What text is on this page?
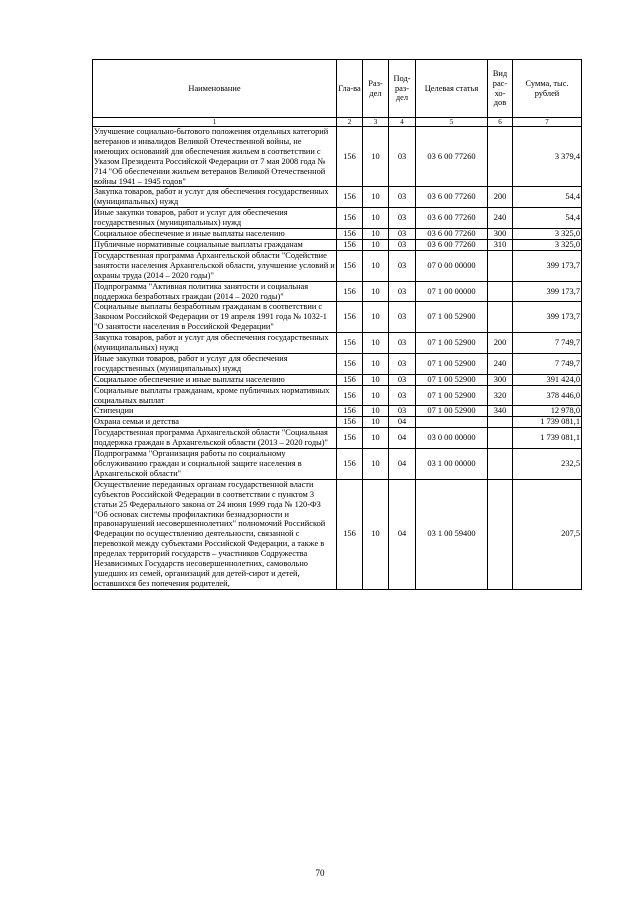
Наименование	Гла-ва	Раз-дел	Под-раз-дел	Целевая статья	Вид рас-хо-дов	Сумма, тыс. рублей
1	2	3	4	5	6	7
Улучшение социально-бытового положения отдельных категорий ветеранов и инвалидов Великой Отечественной войны, не имеющих оснований для обеспечения жильем в соответствии с Указом Президента Российской Федерации от 7 мая 2008 года № 714 "Об обеспечении жильем ветеранов Великой Отечественной войны 1941 – 1945 годов"	156	10	03	03 6 00 77260		3 379,4
Закупка товаров, работ и услуг для обеспечения государственных (муниципальных) нужд	156	10	03	03 6 00 77260	200	54,4
Иные закупки товаров, работ и услуг для обеспечения государственных (муниципальных) нужд	156	10	03	03 6 00 77260	240	54,4
Социальное обеспечение и иные выплаты населению	156	10	03	03 6 00 77260	300	3 325,0
Публичные нормативные социальные выплаты гражданам	156	10	03	03 6 00 77260	310	3 325,0
Государственная программа Архангельской области "Содействие занятости населения Архангельской области, улучшение условий и охраны труда (2014 – 2020 годы)"	156	10	03	07 0 00 00000		399 173,7
Подпрограмма "Активная политика занятости и социальная поддержка безработных граждан (2014 – 2020 годы)"	156	10	03	07 1 00 00000		399 173,7
Социальные выплаты безработным гражданам в соответствии с Законом Российской Федерации от 19 апреля 1991 года № 1032-1 "О занятости населения в Российской Федерации"	156	10	03	07 1 00 52900		399 173,7
Закупка товаров, работ и услуг для обеспечения государственных (муниципальных) нужд	156	10	03	07 1 00 52900	200	7 749,7
Иные закупки товаров, работ и услуг для обеспечения государственных (муниципальных) нужд	156	10	03	07 1 00 52900	240	7 749,7
Социальное обеспечение и иные выплаты населению	156	10	03	07 1 00 52900	300	391 424,0
Социальные выплаты гражданам, кроме публичных нормативных социальных выплат	156	10	03	07 1 00 52900	320	378 446,0
Стипендии	156	10	03	07 1 00 52900	340	12 978,0
Охрана семьи и детства	156	10	04			1 739 081,1
Государственная программа Архангельской области "Социальная поддержка граждан в Архангельской области (2013 – 2020 годы)"	156	10	04	03 0 00 00000		1 739 081,1
Подпрограмма "Организация работы по социальному обслуживанию граждан и социальной защите населения в Архангельской области"	156	10	04	03 1 00 00000		232,5
Осуществление переданных органам государственной власти субъектов Российской Федерации в соответствии с пунктом 3 статьи 25 Федерального закона от 24 июня 1999 года № 120-ФЗ "Об основах системы профилактики безнадзорности и правонарушений несовершеннолетних" полномочий Российской Федерации по осуществлению деятельности, связанной с перевозкой между субъектами Российской Федерации, а также в пределах территорий государств – участников Содружества Независимых Государств несовершеннолетних, самовольно ушедших из семей, организаций для детей-сирот и детей, оставшихся без попечения родителей,	156	10	04	03 1 00 59400		207,5
70
